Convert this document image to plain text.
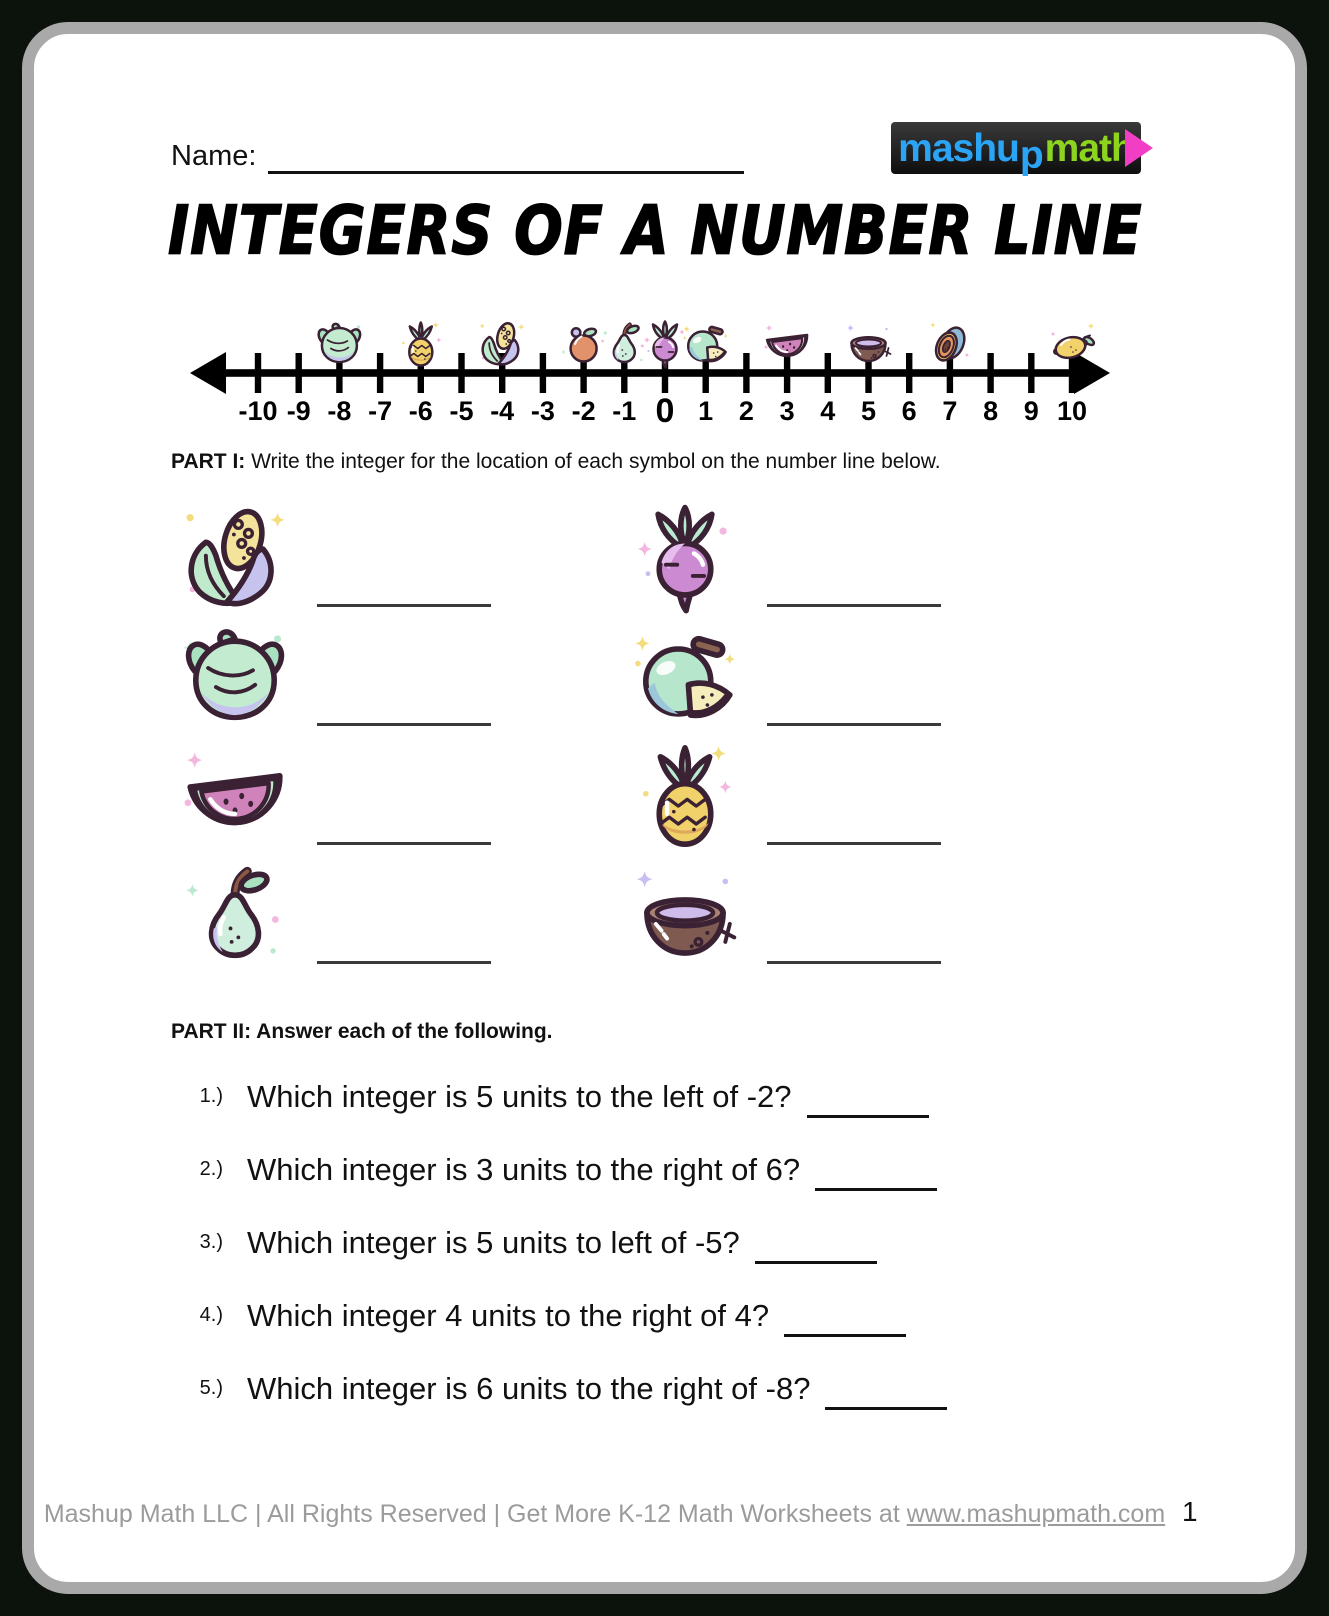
Name:	mashu p math
INTEGERS OF A NUMBER LINE
-10 -9 -8 -7 -6 -5 -4 -3 -2 -1 0 1 2 3 4 5 6 7 8 9 10
PART I: Write the integer for the location of each symbol on the number line below.
PART II: Answer each of the following.
1.) Which integer is 5 units to the left of -2?
2.) Which integer is 3 units to the right of 6?
3.) Which integer is 5 units to left of -5?
4.) Which integer 4 units to the right of 4?
5.) Which integer is 6 units to the right of -8?
Mashup Math LLC | All Rights Reserved | Get More K-12 Math Worksheets at www.mashupmath.com 1
